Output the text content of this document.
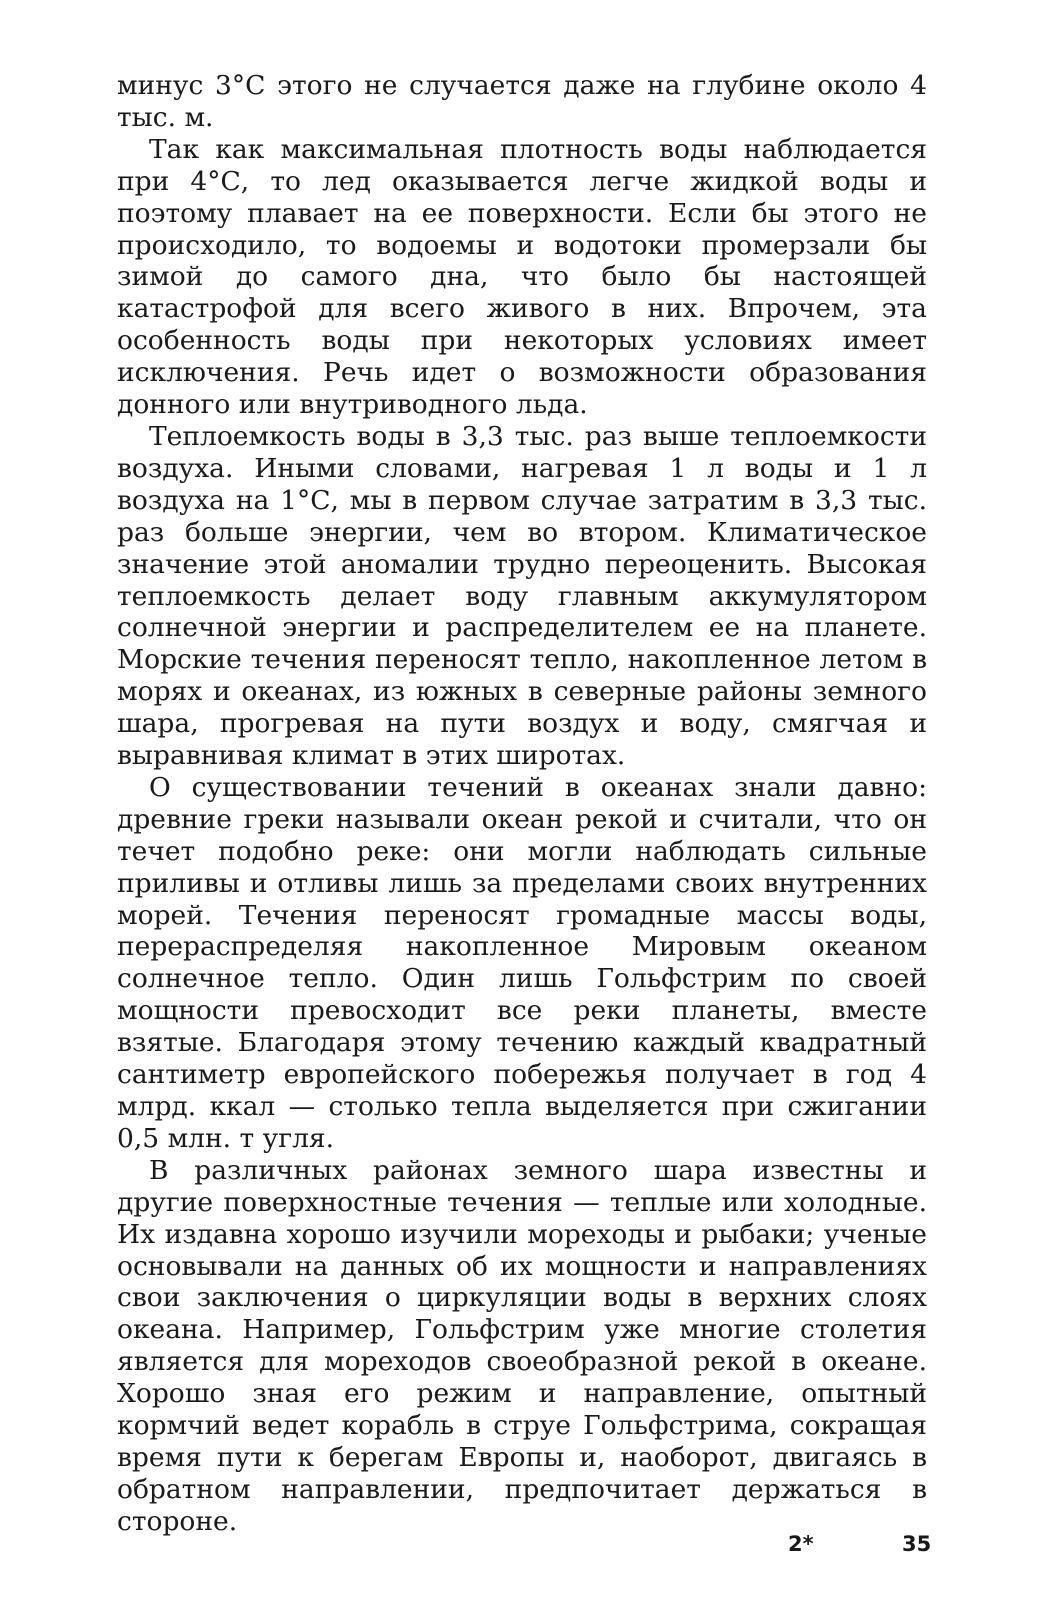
минус 3°С этого не случается даже на глубине около 4 тыс. м.

Так как максимальная плотность воды наблюдается при 4°С, то лед оказывается легче жидкой воды и поэтому плавает на ее поверхности. Если бы этого не происходило, то водоемы и водотоки промерзали бы зимой до самого дна, что было бы настоящей катастрофой для всего живого в них. Впрочем, эта особенность воды при некоторых условиях имеет исключения. Речь идет о возможности образования донного или внутриводного льда.

Теплоемкость воды в 3,3 тыс. раз выше теплоемкости воздуха. Иными словами, нагревая 1 л воды и 1 л воздуха на 1°С, мы в первом случае затратим в 3,3 тыс. раз больше энергии, чем во втором. Климатическое значение этой аномалии трудно переоценить. Высокая теплоемкость делает воду главным аккумулятором солнечной энергии и распределителем ее на планете. Морские течения переносят тепло, накопленное летом в морях и океанах, из южных в северные районы земного шара, прогревая на пути воздух и воду, смягчая и выравнивая климат в этих широтах.

О существовании течений в океанах знали давно: древние греки называли океан рекой и считали, что он течет подобно реке: они могли наблюдать сильные приливы и отливы лишь за пределами своих внутренних морей. Течения переносят громадные массы воды, перераспределяя накопленное Мировым океаном солнечное тепло. Один лишь Гольфстрим по своей мощности превосходит все реки планеты, вместе взятые. Благодаря этому течению каждый квадратный сантиметр европейского побережья получает в год 4 млрд. ккал — столько тепла выделяется при сжигании 0,5 млн. т угля.

В различных районах земного шара известны и другие поверхностные течения — теплые или холодные. Их издавна хорошо изучили мореходы и рыбаки; ученые основывали на данных об их мощности и направлениях свои заключения о циркуляции воды в верхних слоях океана. Например, Гольфстрим уже многие столетия является для мореходов своеобразной рекой в океане. Хорошо зная его режим и направление, опытный кормчий ведет корабль в струе Гольфстрима, сокращая время пути к берегам Европы и, наоборот, двигаясь в обратном направлении, предпочитает держаться в стороне.

2*	35
